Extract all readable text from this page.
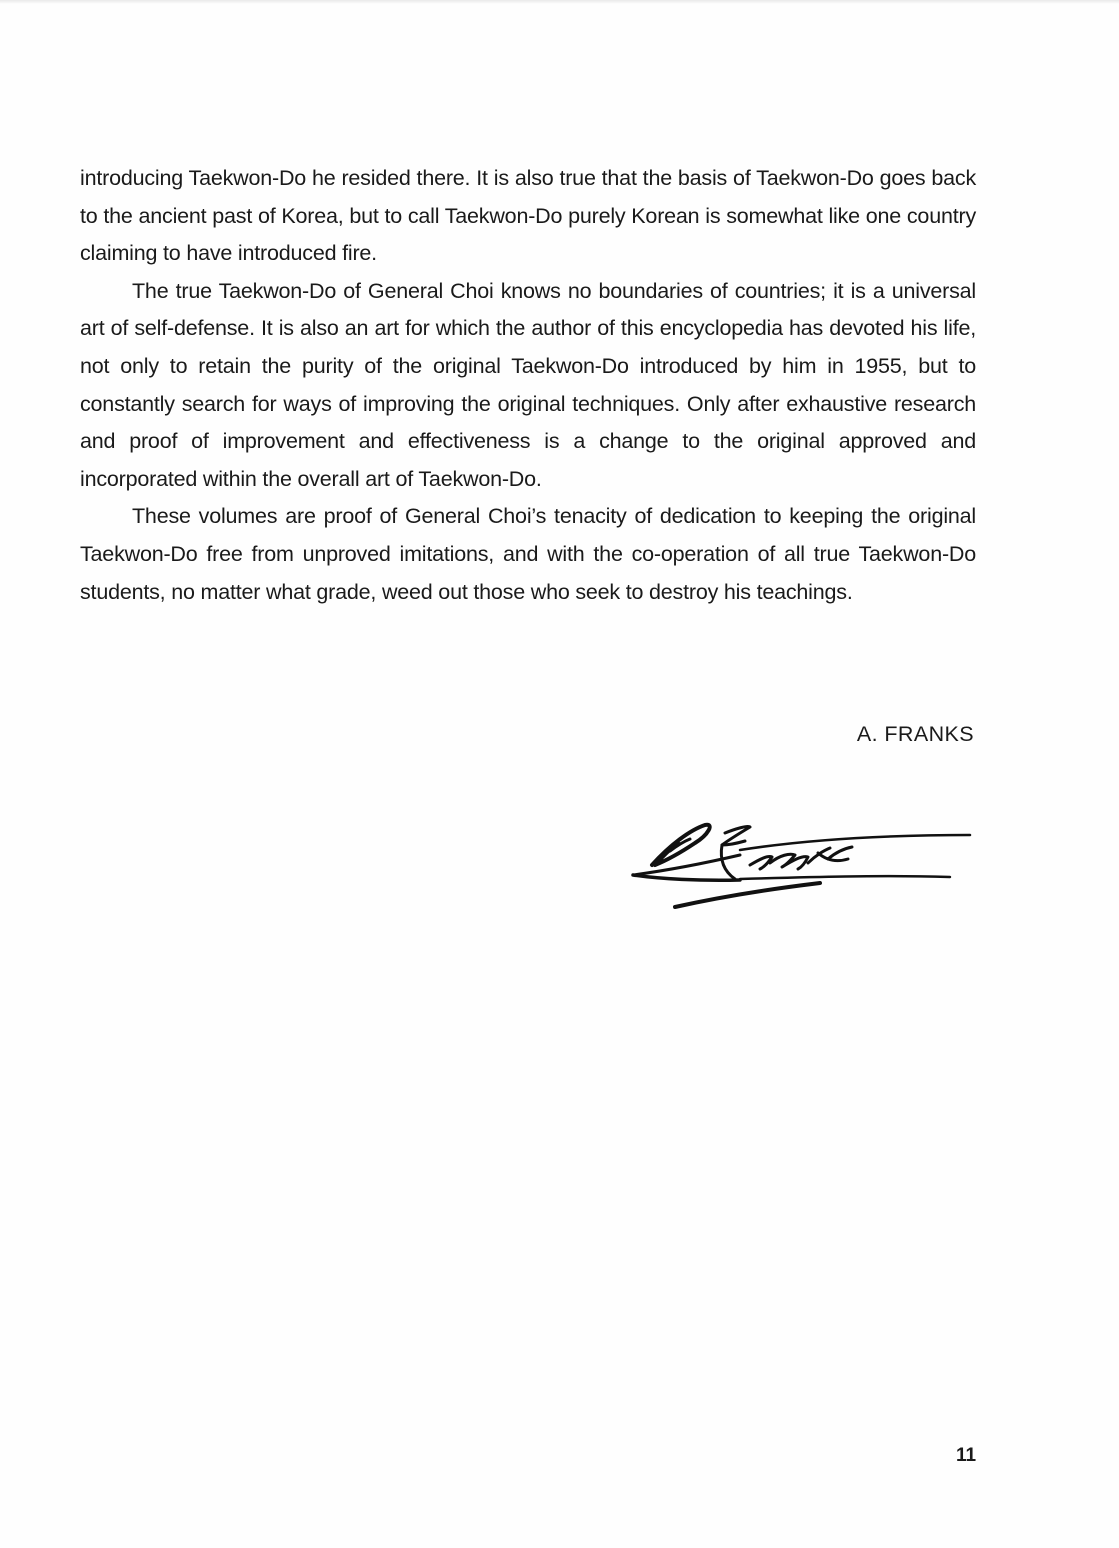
introducing Taekwon-Do he resided there. It is also true that the basis of Taekwon-Do goes back to the ancient past of Korea, but to call Taekwon-Do purely Korean is somewhat like one country claiming to have introduced fire.

The true Taekwon-Do of General Choi knows no boundaries of countries; it is a universal art of self-defense. It is also an art for which the author of this encyclopedia has devoted his life, not only to retain the purity of the original Taekwon-Do introduced by him in 1955, but to constantly search for ways of improving the original techniques. Only after exhaustive research and proof of improvement and effectiveness is a change to the original approved and incorporated within the overall art of Taekwon-Do.

These volumes are proof of General Choi’s tenacity of dedication to keeping the original Taekwon-Do free from unproved imitations, and with the co-operation of all true Taekwon-Do students, no matter what grade, weed out those who seek to destroy his teachings.

A. FRANKS
11
